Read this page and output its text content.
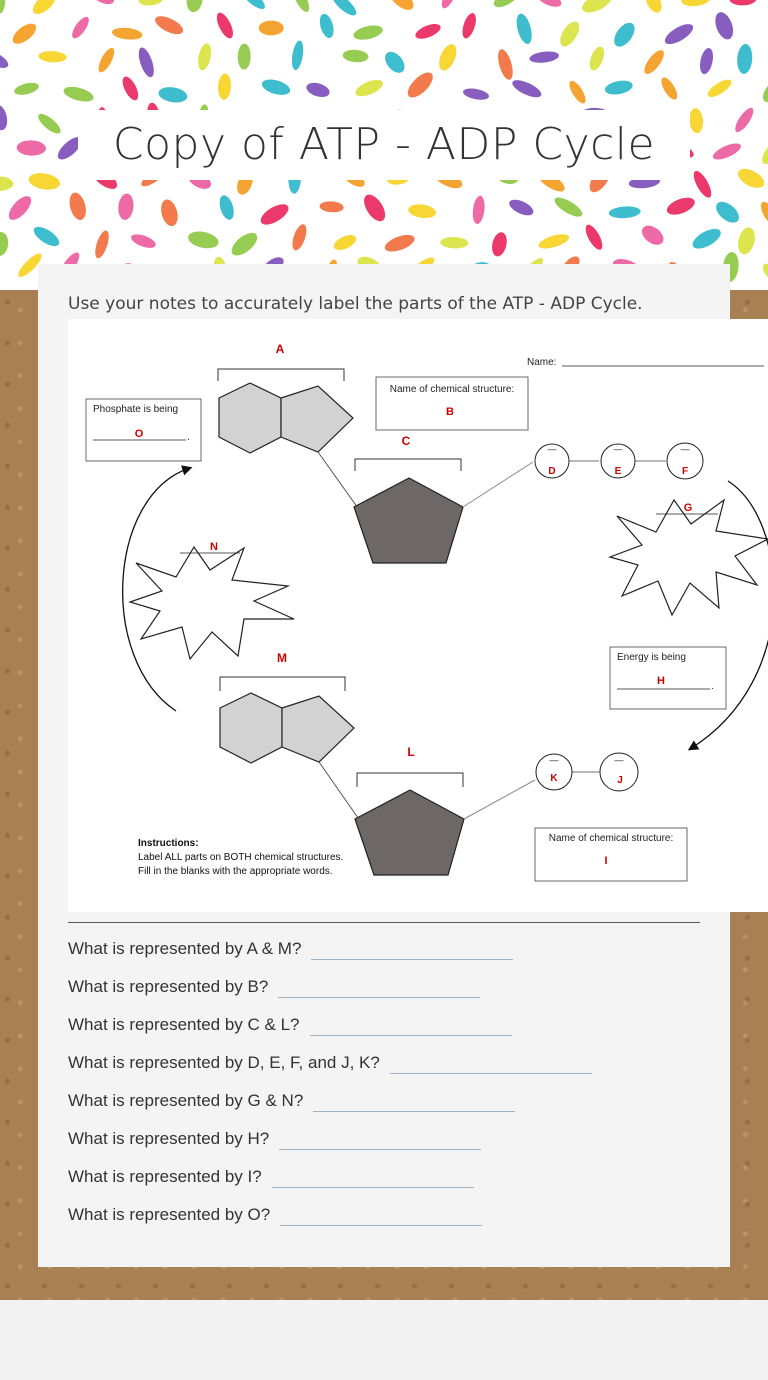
Copy of ATP - ADP Cycle

Use your notes to accurately label the parts of the ATP - ADP Cycle.

Name:
A
Name of chemical structure:
B
C
Phosphate is being
.
O
—
D
—
E
—
F
G
N
Energy is being
.
H
M
L
—
K
—
J
Name of chemical structure:
I
Instructions:
Label ALL parts on BOTH chemical structures.
Fill in the blanks with the appropriate words.
What is represented by A & M?
What is represented by B?
What is represented by C & L?
What is represented by D, E, F, and J, K?
What is represented by G & N?
What is represented by H?
What is represented by I?
What is represented by O?
